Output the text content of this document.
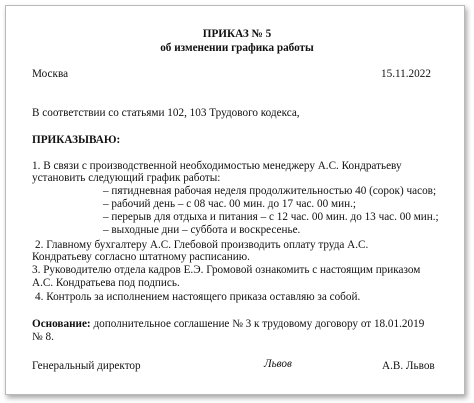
ПРИКАЗ № 5
об изменении графика работы
Москва	15.11.2022
В соответствии со статьями 102, 103 Трудового кодекса,
ПРИКАЗЫВАЮ:
1. В связи с производственной необходимостью менеджеру А.С. Кондратьеву
установить следующий график работы:
– пятидневная рабочая неделя продолжительностью 40 (сорок) часов;
– рабочий день – с 08 час. 00 мин. до 17 час. 00 мин.;
– перерыв для отдыха и питания – с 12 час. 00 мин. до 13 час. 00 мин.;
– выходные дни – суббота и воскресенье.
2. Главному бухгалтеру А.С. Глебовой производить оплату труда А.С.
Кондратьеву согласно штатному расписанию.
3. Руководителю отдела кадров Е.Э. Громовой ознакомить с настоящим приказом
А.С. Кондратьева под подпись.
4. Контроль за исполнением настоящего приказа оставляю за собой.
Основание: дополнительное соглашение № 3 к трудовому договору от 18.01.2019
№ 8.
Генеральный директор	Львов	А.В. Львов
